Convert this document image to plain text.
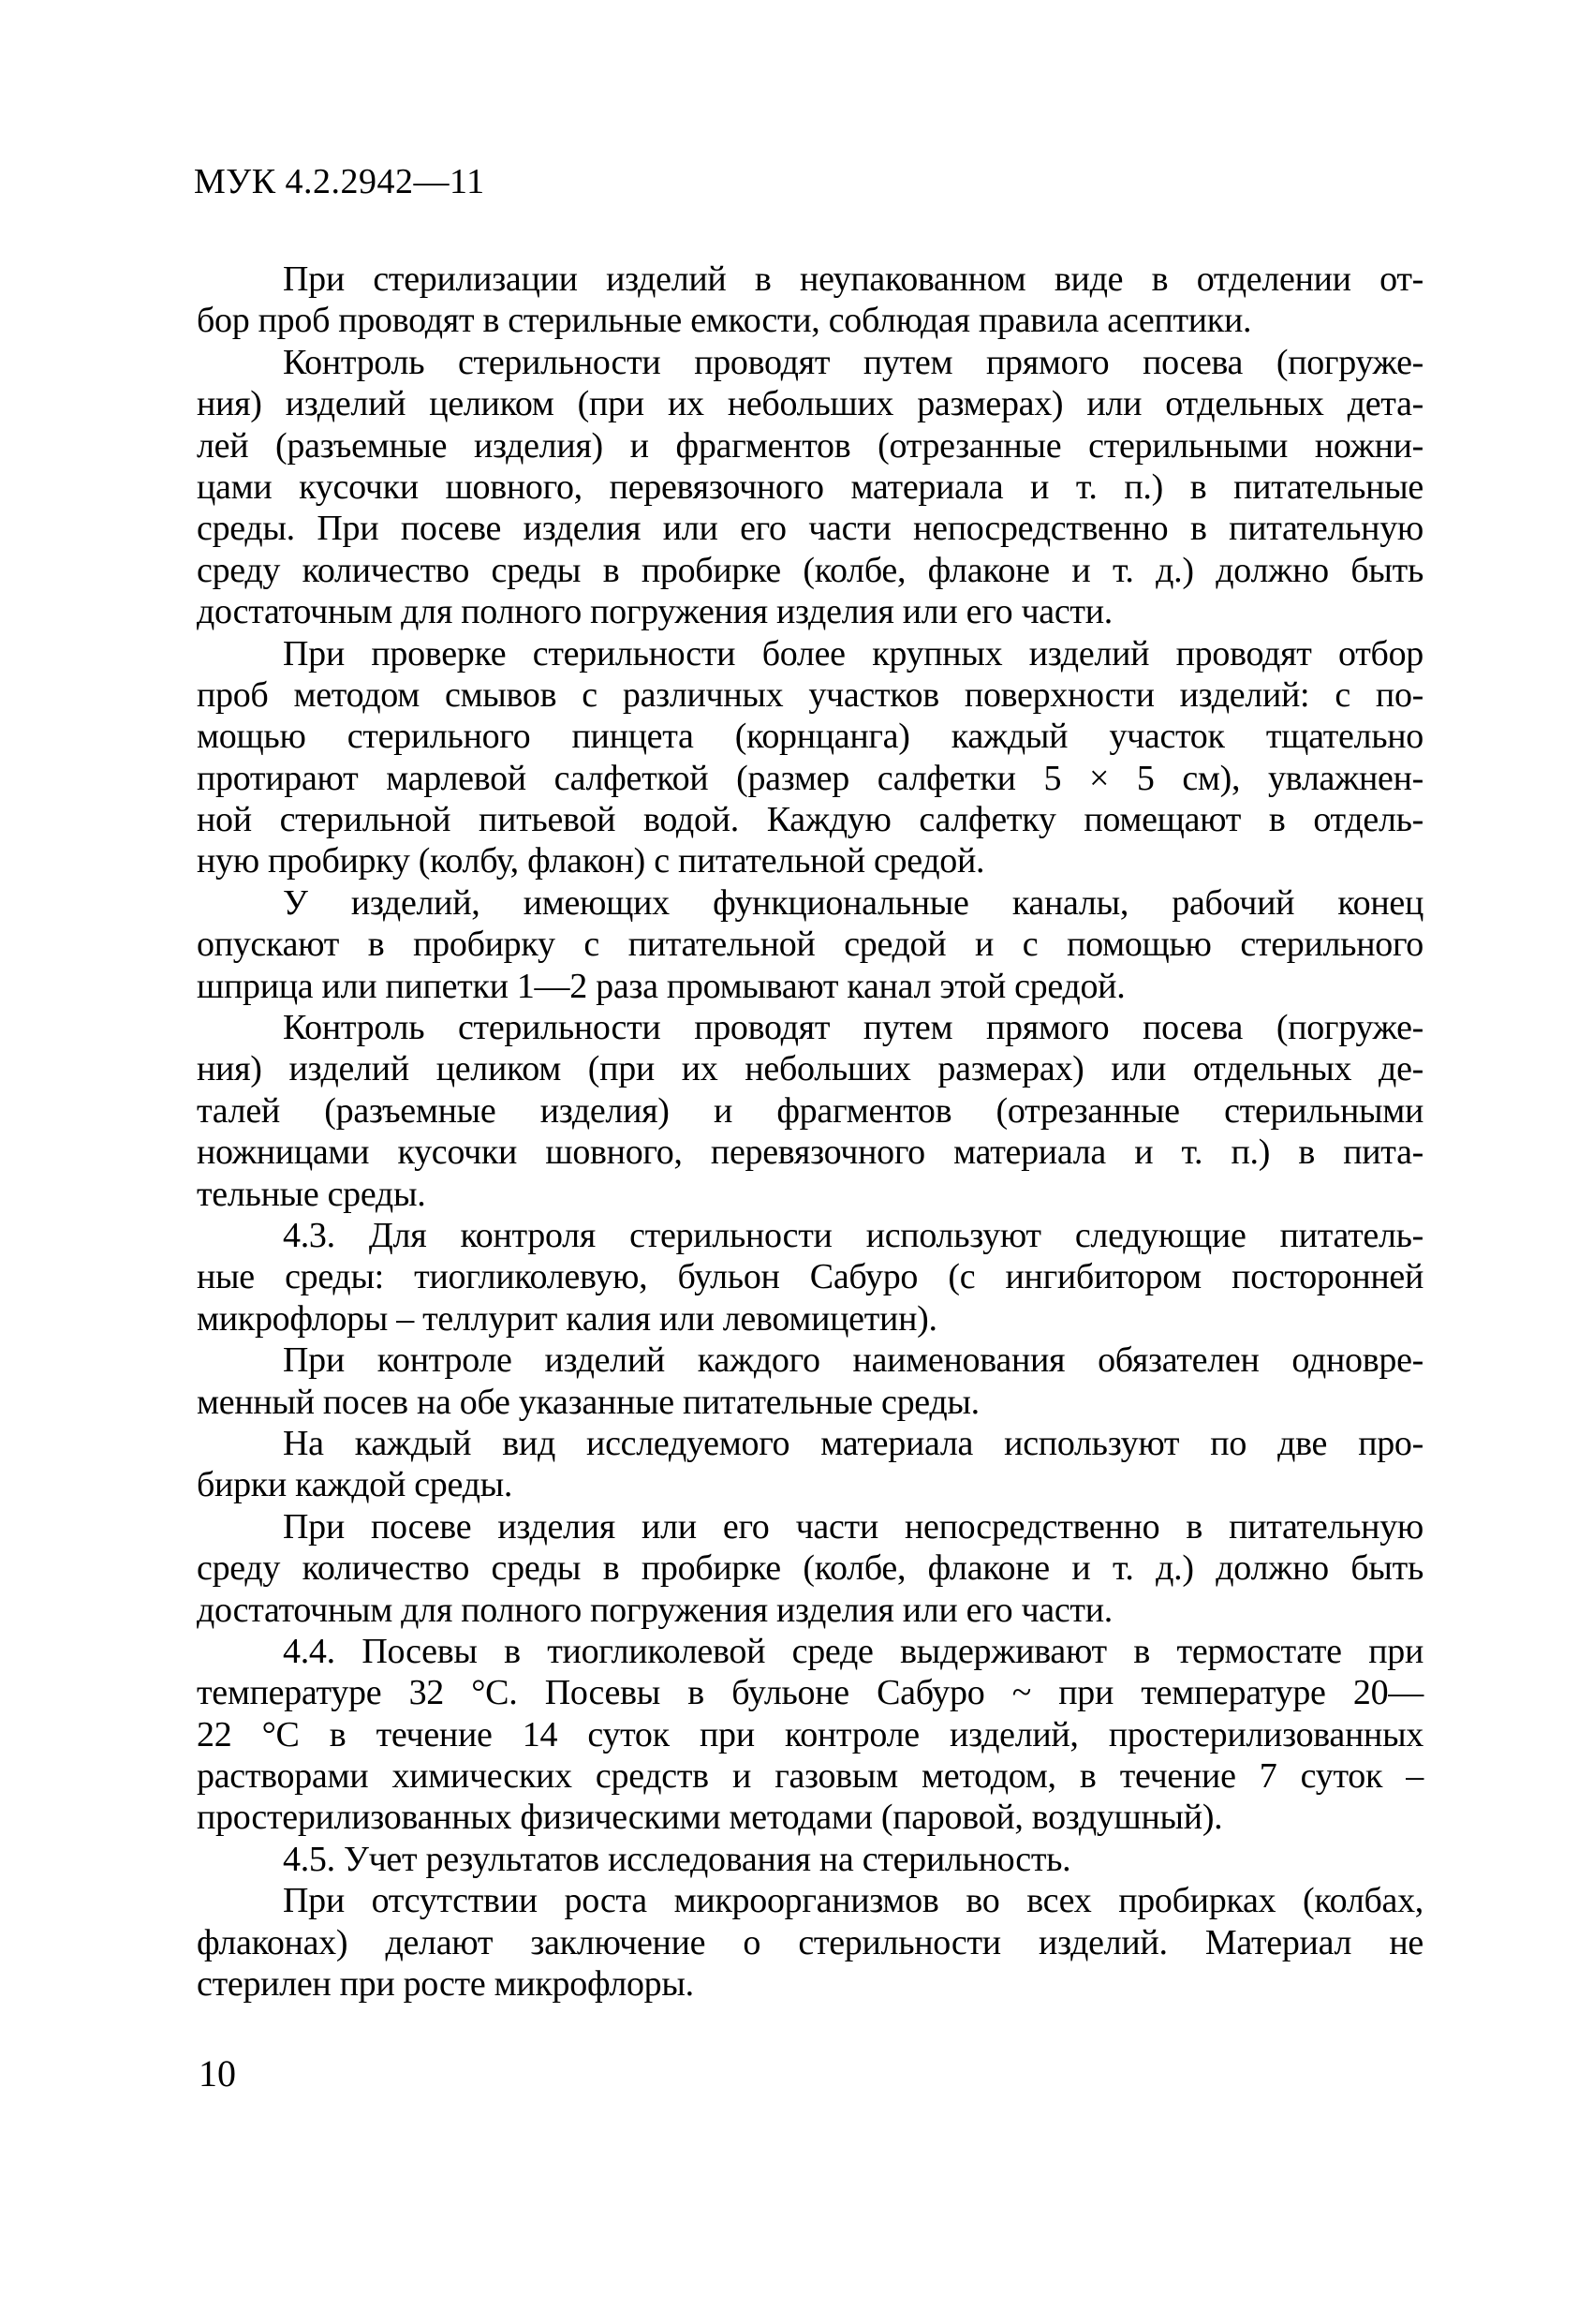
МУК 4.2.2942—11
При стерилизации изделий в неупакованном виде в отделении от-
бор проб проводят в стерильные емкости, соблюдая правила асептики.
Контроль стерильности проводят путем прямого посева (погруже-
ния) изделий целиком (при их небольших размерах) или отдельных дета-
лей (разъемные изделия) и фрагментов (отрезанные стерильными ножни-
цами кусочки шовного, перевязочного материала и т. п.) в питательные
среды. При посеве изделия или его части непосредственно в питательную
среду количество среды в пробирке (колбе, флаконе и т. д.) должно быть
достаточным для полного погружения изделия или его части.
При проверке стерильности более крупных изделий проводят отбор
проб методом смывов с различных участков поверхности изделий: с по-
мощью стерильного пинцета (корнцанга) каждый участок тщательно
протирают марлевой салфеткой (размер салфетки 5 × 5 см), увлажнен-
ной стерильной питьевой водой. Каждую салфетку помещают в отдель-
ную пробирку (колбу, флакон) с питательной средой.
У изделий, имеющих функциональные каналы, рабочий конец
опускают в пробирку с питательной средой и с помощью стерильного
шприца или пипетки 1—2 раза промывают канал этой средой.
Контроль стерильности проводят путем прямого посева (погруже-
ния) изделий целиком (при их небольших размерах) или отдельных де-
талей (разъемные изделия) и фрагментов (отрезанные стерильными
ножницами кусочки шовного, перевязочного материала и т. п.) в пита-
тельные среды.
4.3. Для контроля стерильности используют следующие питатель-
ные среды: тиогликолевую, бульон Сабуро (с ингибитором посторонней
микрофлоры – теллурит калия или левомицетин).
При контроле изделий каждого наименования обязателен одновре-
менный посев на обе указанные питательные среды.
На каждый вид исследуемого материала используют по две про-
бирки каждой среды.
При посеве изделия или его части непосредственно в питательную
среду количество среды в пробирке (колбе, флаконе и т. д.) должно быть
достаточным для полного погружения изделия или его части.
4.4. Посевы в тиогликолевой среде выдерживают в термостате при
температуре 32 °С. Посевы в бульоне Сабуро ~ при температуре 20—
22 °С в течение 14 суток при контроле изделий, простерилизованных
растворами химических средств и газовым методом, в течение 7 суток –
простерилизованных физическими методами (паровой, воздушный).
4.5. Учет результатов исследования на стерильность.
При отсутствии роста микроорганизмов во всех пробирках (колбах,
флаконах) делают заключение о стерильности изделий. Материал не
стерилен при росте микрофлоры.
10
